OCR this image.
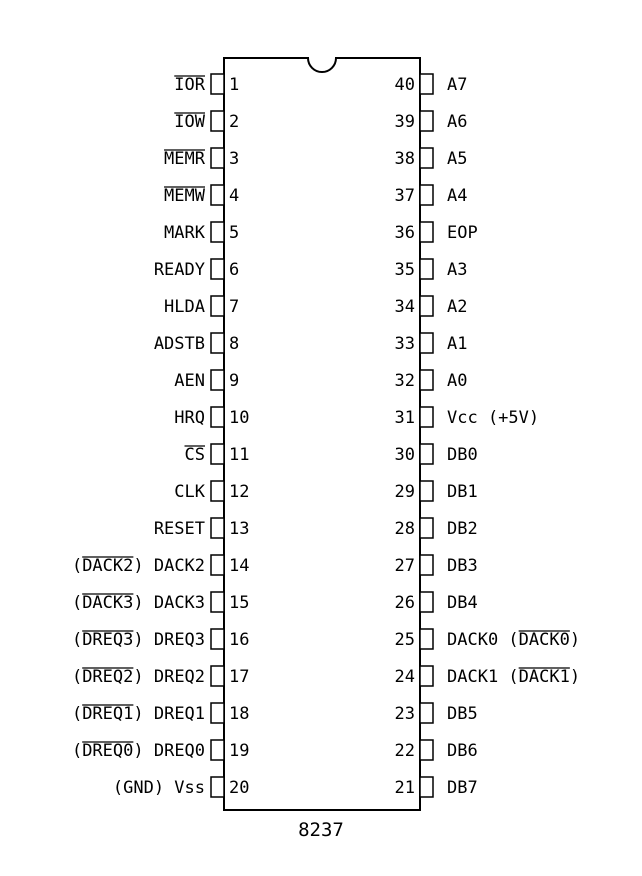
1
IOR
2
IOW
3
MEMR
4
MEMW
5
MARK
6
READY
7
HLDA
8
ADSTB
9
AEN
10
HRQ
11
CS
12
CLK
13
RESET
14
(DACK2) DACK2
15
(DACK3) DACK3
16
(DREQ3) DREQ3
17
(DREQ2) DREQ2
18
(DREQ1) DREQ1
19
(DREQ0) DREQ0
20
(GND) Vss
40 A7
39 A6
38 A5
37 A4
36 EOP
35 A3
34 A2
33 A1
32 A0
31 Vcc (+5V)
30 DB0
29 DB1
28 DB2
27 DB3
26 DB4
25 DACK0 (DACK0)
24 DACK1 (DACK1)
23 DB5
22 DB6
21 DB7
8237
